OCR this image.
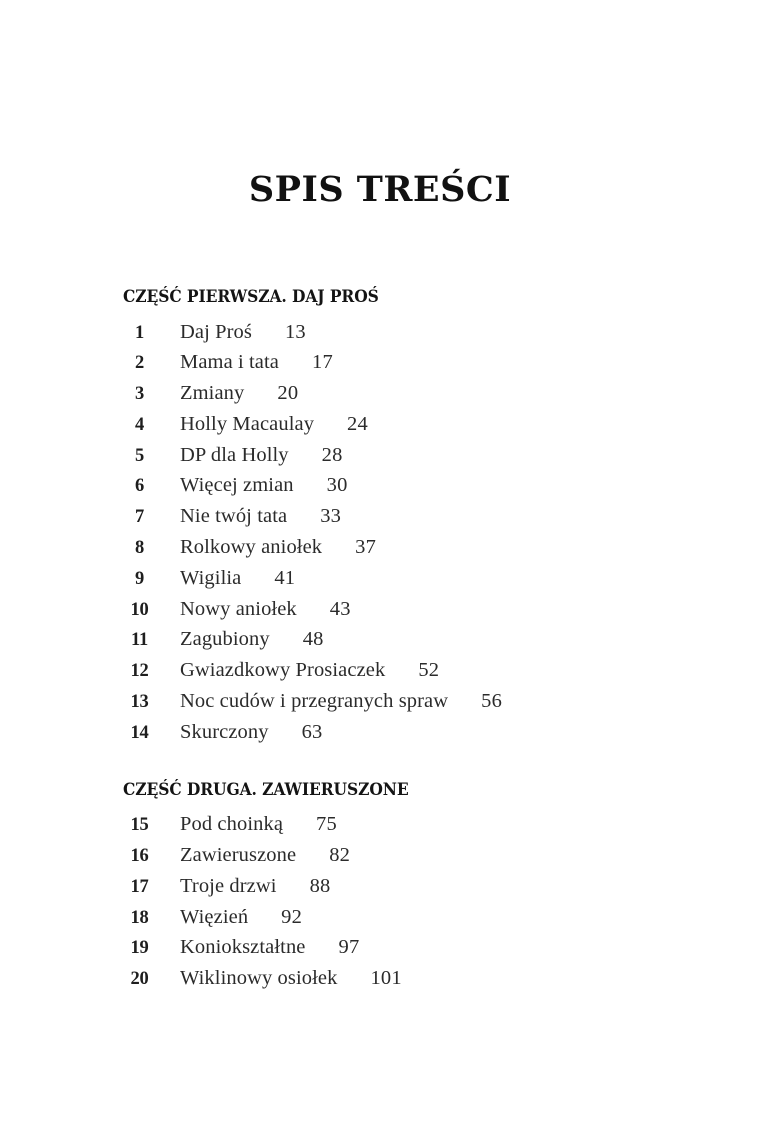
SPIS TREŚCI
CZĘŚĆ PIERWSZA. DAJ PROŚ
1	Daj Proś 13
2	Mama i tata 17
3	Zmiany 20
4	Holly Macaulay 24
5	DP dla Holly 28
6	Więcej zmian 30
7	Nie twój tata 33
8	Rolkowy aniołek 37
9	Wigilia 41
10	Nowy aniołek 43
11	Zagubiony 48
12	Gwiazdkowy Prosiaczek 52
13	Noc cudów i przegranych spraw 56
14	Skurczony 63
CZĘŚĆ DRUGA. ZAWIERUSZONE
15	Pod choinką 75
16	Zawieruszone 82
17	Troje drzwi 88
18	Więzień 92
19	Koniokształtne 97
20	Wiklinowy osiołek 101
